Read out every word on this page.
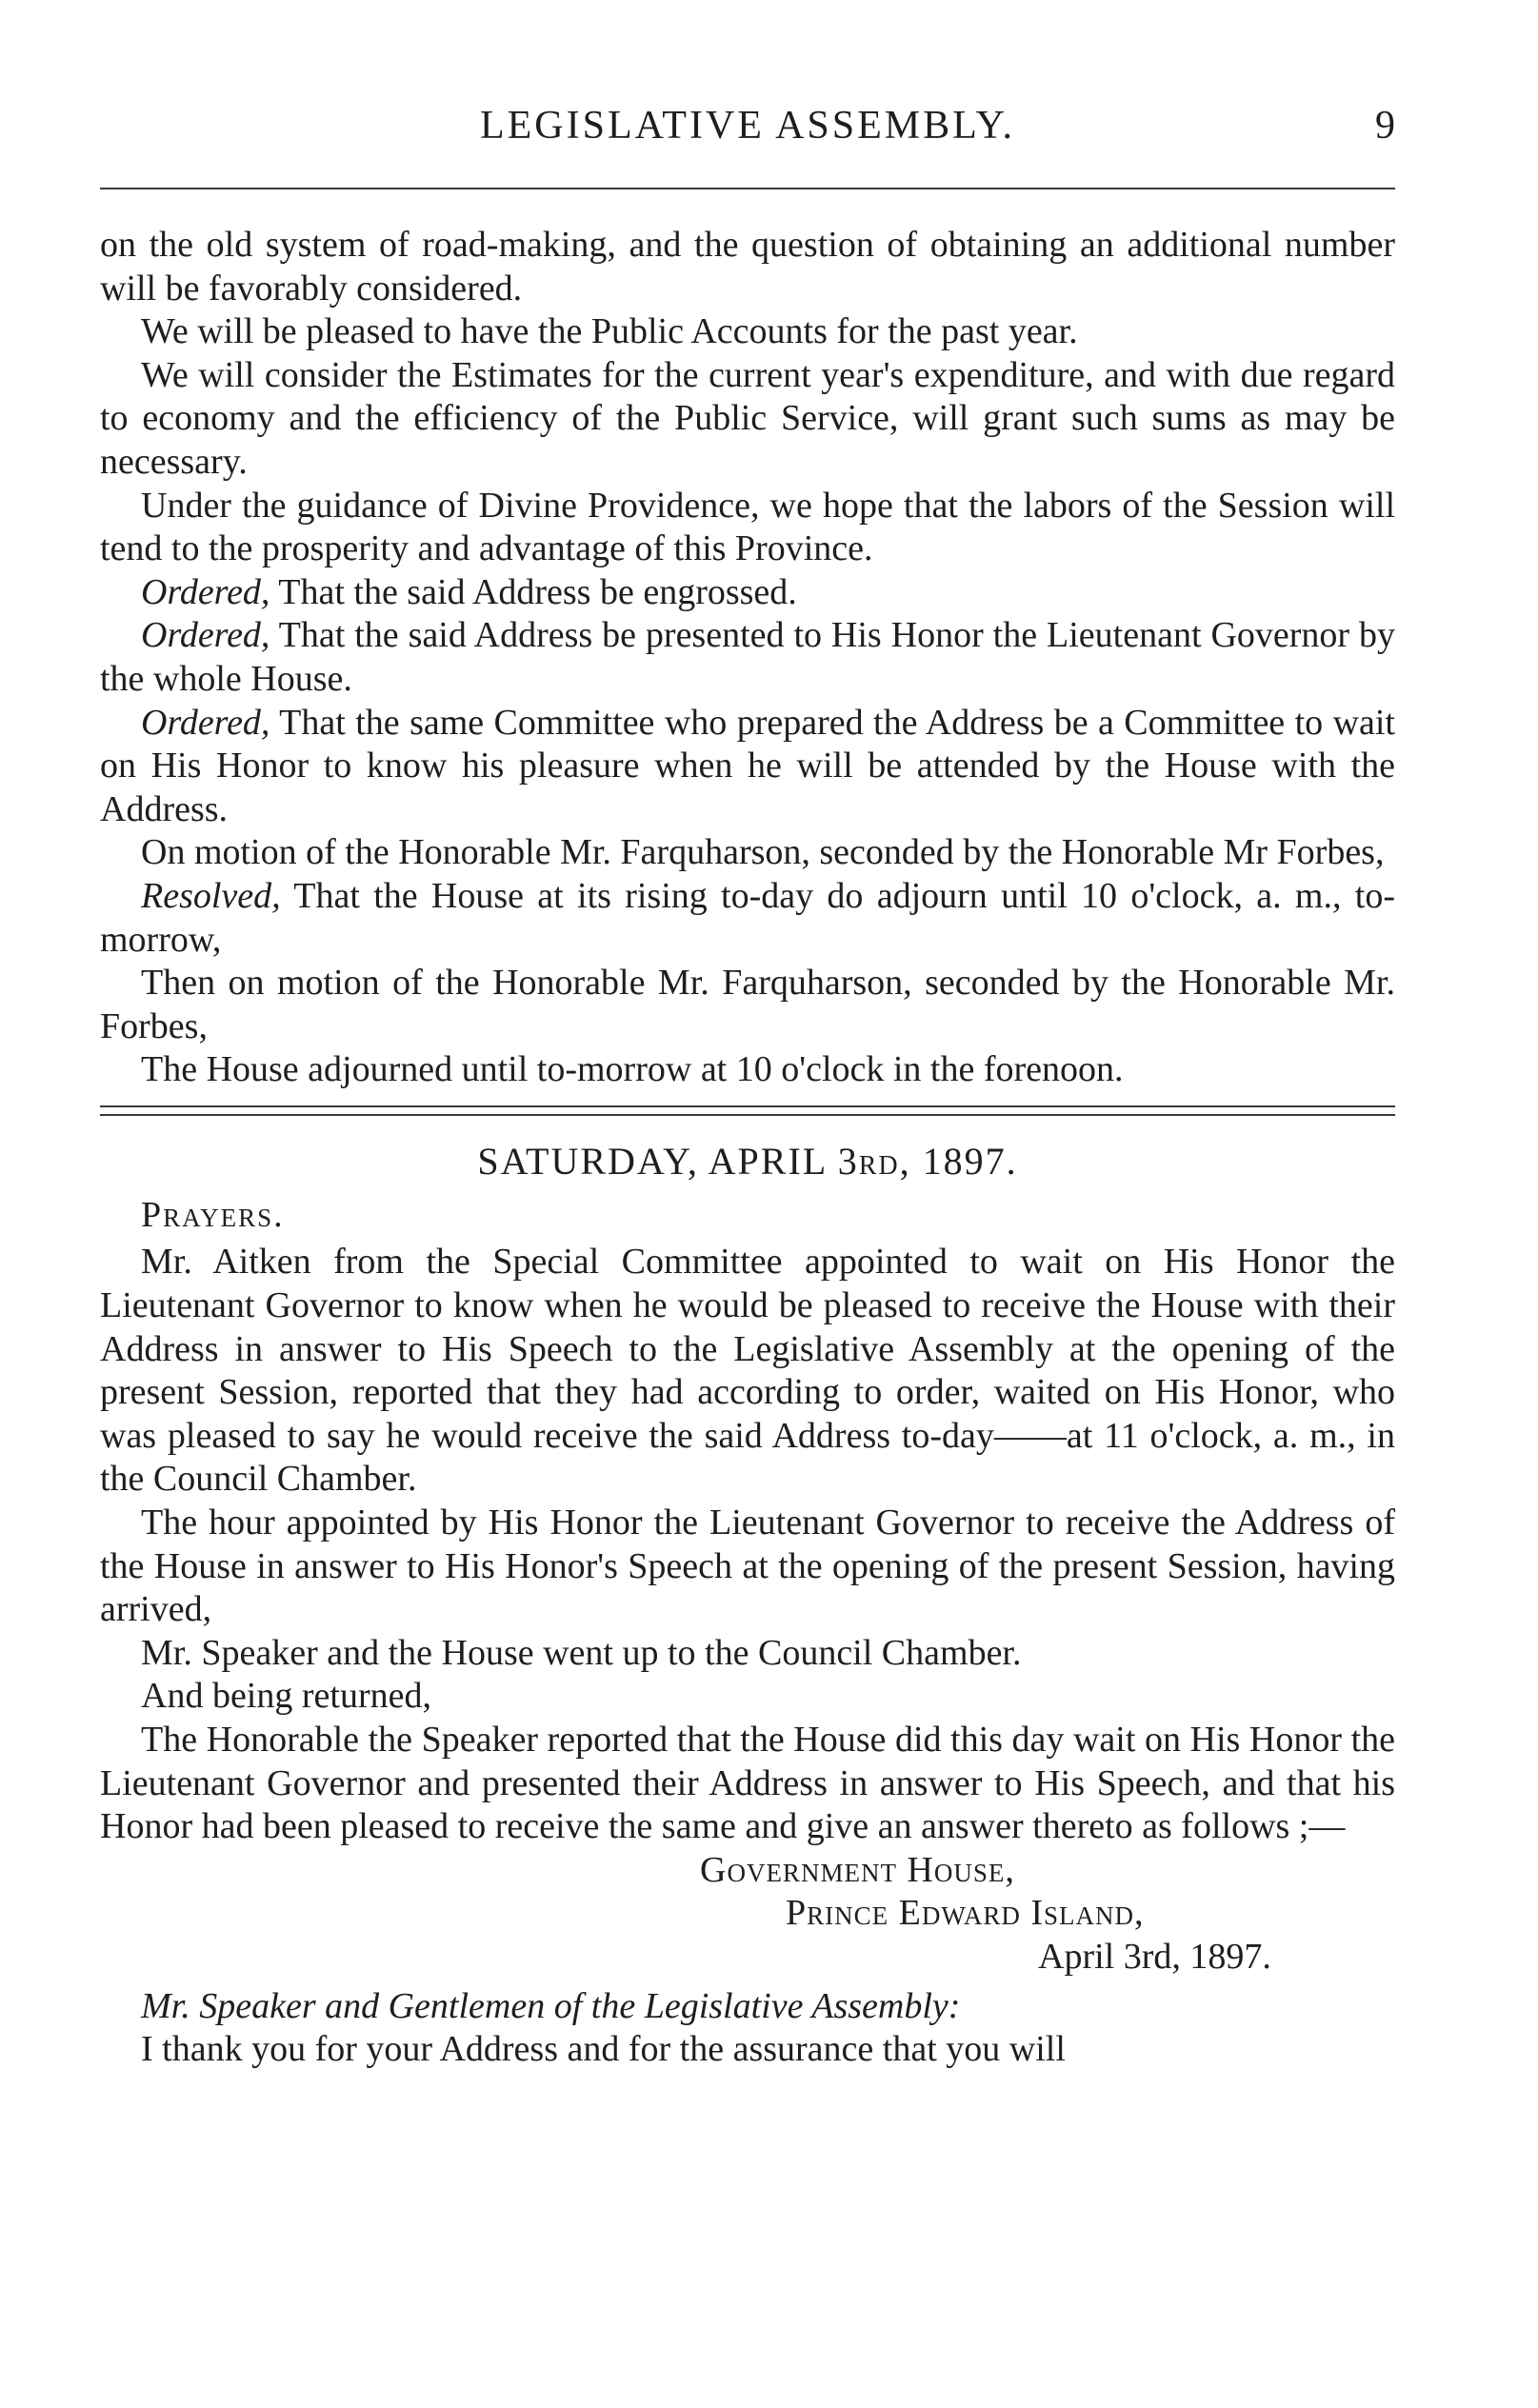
LEGISLATIVE ASSEMBLY.	9

on the old system of road-making, and the question of obtaining an additional number will be favorably considered.

We will be pleased to have the Public Accounts for the past year.

We will consider the Estimates for the current year's expenditure, and with due regard to economy and the efficiency of the Public Service, will grant such sums as may be necessary.

Under the guidance of Divine Providence, we hope that the labors of the Session will tend to the prosperity and advantage of this Province.

Ordered, That the said Address be engrossed.

Ordered, That the said Address be presented to His Honor the Lieutenant Governor by the whole House.

Ordered, That the same Committee who prepared the Address be a Committee to wait on His Honor to know his pleasure when he will be attended by the House with the Address.

On motion of the Honorable Mr. Farquharson, seconded by the Honorable Mr Forbes,

Resolved, That the House at its rising to-day do adjourn until 10 o'clock, a. m., to-morrow,

Then on motion of the Honorable Mr. Farquharson, seconded by the Honorable Mr. Forbes,

The House adjourned until to-morrow at 10 o'clock in the forenoon.

SATURDAY, APRIL 3rd, 1897.

Prayers.

Mr. Aitken from the Special Committee appointed to wait on His Honor the Lieutenant Governor to know when he would be pleased to receive the House with their Address in answer to His Speech to the Legislative Assembly at the opening of the present Session, reported that they had according to order, waited on His Honor, who was pleased to say he would receive the said Address to-day——at 11 o'clock, a. m., in the Council Chamber.

The hour appointed by His Honor the Lieutenant Governor to receive the Address of the House in answer to His Honor's Speech at the opening of the present Session, having arrived,

Mr. Speaker and the House went up to the Council Chamber.

And being returned,

The Honorable the Speaker reported that the House did this day wait on His Honor the Lieutenant Governor and presented their Address in answer to His Speech, and that his Honor had been pleased to receive the same and give an answer thereto as follows ;—

Government House,
Prince Edward Island,
April 3rd, 1897.

Mr. Speaker and Gentlemen of the Legislative Assembly:

I thank you for your Address and for the assurance that you will
